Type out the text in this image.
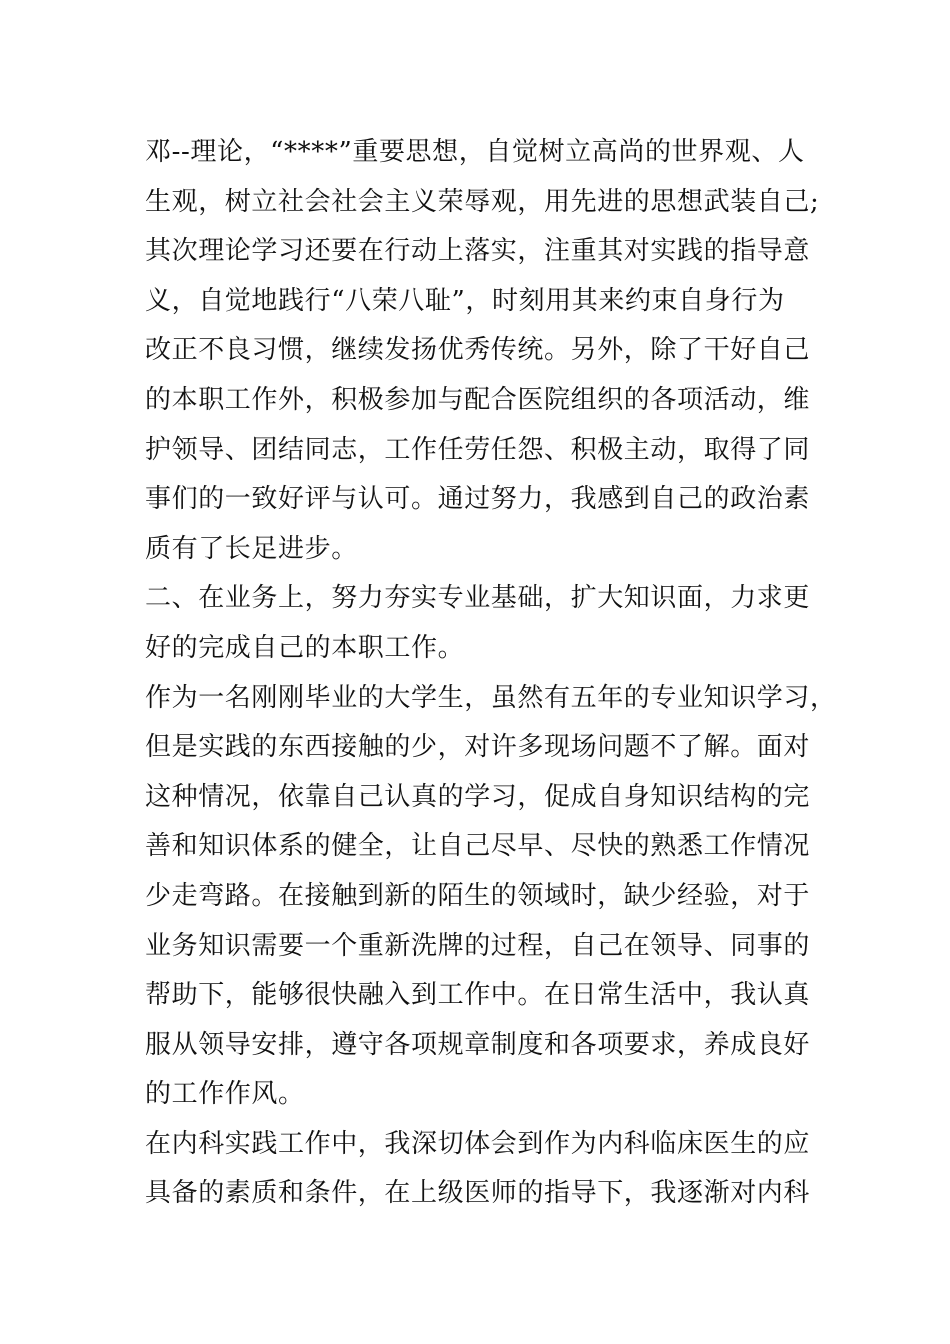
邓--理论，“****”重要思想，自觉树立高尚的世界观、人
生观，树立社会社会主义荣辱观，用先进的思想武装自己;
其次理论学习还要在行动上落实，注重其对实践的指导意
义，自觉地践行“八荣八耻”，时刻用其来约束自身行为
改正不良习惯，继续发扬优秀传统。另外，除了干好自己
的本职工作外，积极参加与配合医院组织的各项活动，维
护领导、团结同志，工作任劳任怨、积极主动，取得了同
事们的一致好评与认可。通过努力，我感到自己的政治素
质有了长足进步。
二、在业务上，努力夯实专业基础，扩大知识面，力求更
好的完成自己的本职工作。
作为一名刚刚毕业的大学生，虽然有五年的专业知识学习，
但是实践的东西接触的少，对许多现场问题不了解。面对
这种情况，依靠自己认真的学习，促成自身知识结构的完
善和知识体系的健全，让自己尽早、尽快的熟悉工作情况
少走弯路。在接触到新的陌生的领域时，缺少经验，对于
业务知识需要一个重新洗牌的过程，自己在领导、同事的
帮助下，能够很快融入到工作中。在日常生活中，我认真
服从领导安排，遵守各项规章制度和各项要求，养成良好
的工作作风。
在内科实践工作中，我深切体会到作为内科临床医生的应
具备的素质和条件，在上级医师的指导下，我逐渐对内科
